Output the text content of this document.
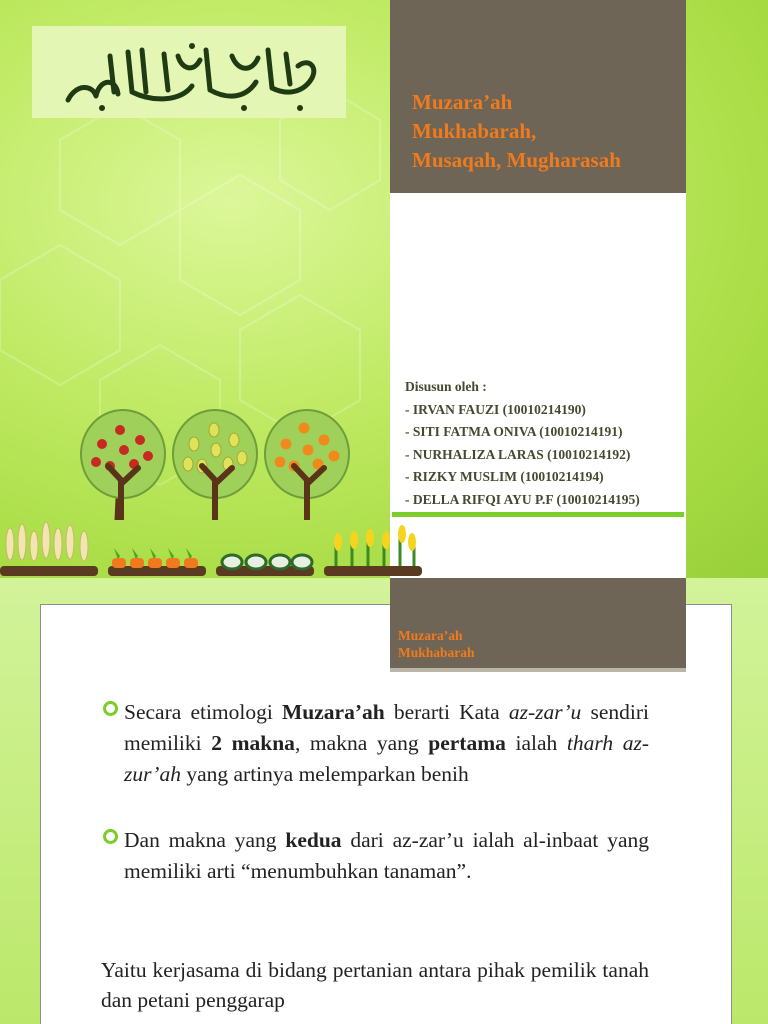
Muzara’ah
Mukhabarah,
Musaqah, Mugharasah
Disusun oleh :
- IRVAN FAUZI (10010214190)
- SITI FATMA ONIVA (10010214191)
- NURHALIZA LARAS (10010214192)
- RIZKY MUSLIM (10010214194)
- DELLA RIFQI AYU P.F (10010214195)
Muzara’ah
Mukhabarah
Secara etimologi Muzara’ah berarti Kata az-zar’u sendiri memiliki 2 makna, makna yang pertama ialah tharh az-zur’ah yang artinya melemparkan benih
Dan makna yang kedua dari az-zar’u ialah al-inbaat yang memiliki arti “menumbuhkan tanaman”.
Yaitu kerjasama di bidang pertanian antara pihak pemilik tanah dan petani penggarap
